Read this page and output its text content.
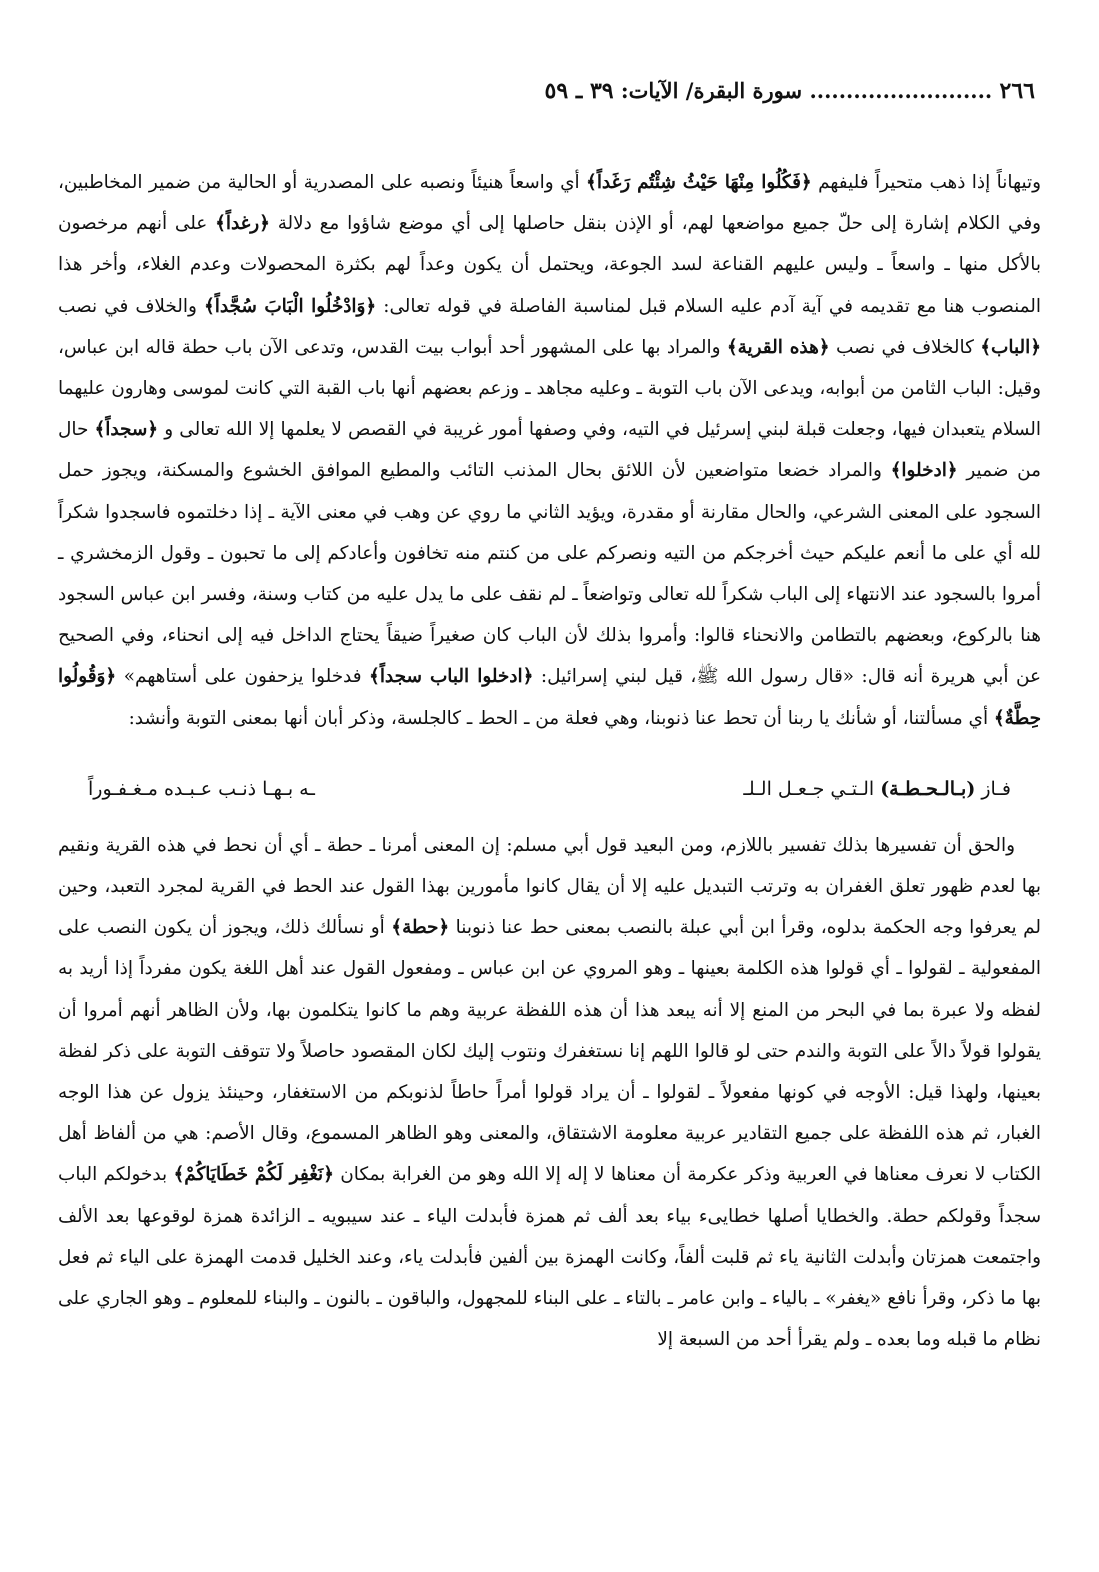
٢٦٦ ......................... سورة البقرة/ الآيات: ٣٩ ـ ٥٩

وتيهاناً إذا ذهب متحيراً فليفهم ﴿فَكُلُوا مِنْهَا حَيْثُ شِئْتُم رَغَداً﴾ أي واسعاً هنيئاً ونصبه على المصدرية أو الحالية من ضمير المخاطبين، وفي الكلام إشارة إلى حلّ جميع مواضعها لهم، أو الإذن بنقل حاصلها إلى أي موضع شاؤوا مع دلالة ﴿رغداً﴾ على أنهم مرخصون بالأكل منها ـ واسعاً ـ وليس عليهم القناعة لسد الجوعة، ويحتمل أن يكون وعداً لهم بكثرة المحصولات وعدم الغلاء، وأخر هذا المنصوب هنا مع تقديمه في آية آدم عليه السلام قبل لمناسبة الفاصلة في قوله تعالى: ﴿وَادْخُلُوا الْبَابَ سُجَّداً﴾ والخلاف في نصب ﴿الباب﴾ كالخلاف في نصب ﴿هذه القرية﴾ والمراد بها على المشهور أحد أبواب بيت القدس، وتدعى الآن باب حطة قاله ابن عباس، وقيل: الباب الثامن من أبوابه، ويدعى الآن باب التوبة ـ وعليه مجاهد ـ وزعم بعضهم أنها باب القبة التي كانت لموسى وهارون عليهما السلام يتعبدان فيها، وجعلت قبلة لبني إسرئيل في التيه، وفي وصفها أمور غريبة في القصص لا يعلمها إلا الله تعالى و ﴿سجداً﴾ حال من ضمير ﴿ادخلوا﴾ والمراد خضعا متواضعين لأن اللائق بحال المذنب التائب والمطيع الموافق الخشوع والمسكنة، ويجوز حمل السجود على المعنى الشرعي، والحال مقارنة أو مقدرة، ويؤيد الثاني ما روي عن وهب في معنى الآية ـ إذا دخلتموه فاسجدوا شكراً لله أي على ما أنعم عليكم حيث أخرجكم من التيه ونصركم على من كنتم منه تخافون وأعادكم إلى ما تحبون ـ وقول الزمخشري ـ أمروا بالسجود عند الانتهاء إلى الباب شكراً لله تعالى وتواضعاً ـ لم نقف على ما يدل عليه من كتاب وسنة، وفسر ابن عباس السجود هنا بالركوع، وبعضهم بالتطامن والانحناء قالوا: وأمروا بذلك لأن الباب كان صغيراً ضيقاً يحتاج الداخل فيه إلى انحناء، وفي الصحيح عن أبي هريرة أنه قال: «قال رسول الله ﷺ، قيل لبني إسرائيل: ﴿ادخلوا الباب سجداً﴾ فدخلوا يزحفون على أستاههم» ﴿وَقُولُوا حِطَّةٌ﴾ أي مسألتنا، أو شأنك يا ربنا أن تحط عنا ذنوبنا، وهي فعلة من ـ الحط ـ كالجلسة، وذكر أبان أنها بمعنى التوبة وأنشد:

فـاز (بـالـحـطـة) الـتـي جـعـل الـلـ
ـه بـهـا ذنـب عـبـده مـغـفـوراً

والحق أن تفسيرها بذلك تفسير باللازم، ومن البعيد قول أبي مسلم: إن المعنى أمرنا ـ حطة ـ أي أن نحط في هذه القرية ونقيم بها لعدم ظهور تعلق الغفران به وترتب التبديل عليه إلا أن يقال كانوا مأمورين بهذا القول عند الحط في القرية لمجرد التعبد، وحين لم يعرفوا وجه الحكمة بدلوه، وقرأ ابن أبي عبلة بالنصب بمعنى حط عنا ذنوبنا ﴿حطة﴾ أو نسألك ذلك، ويجوز أن يكون النصب على المفعولية ـ لقولوا ـ أي قولوا هذه الكلمة بعينها ـ وهو المروي عن ابن عباس ـ ومفعول القول عند أهل اللغة يكون مفرداً إذا أريد به لفظه ولا عبرة بما في البحر من المنع إلا أنه يبعد هذا أن هذه اللفظة عربية وهم ما كانوا يتكلمون بها، ولأن الظاهر أنهم أمروا أن يقولوا قولاً دالاً على التوبة والندم حتى لو قالوا اللهم إنا نستغفرك ونتوب إليك لكان المقصود حاصلاً ولا تتوقف التوبة على ذكر لفظة بعينها، ولهذا قيل: الأوجه في كونها مفعولاً ـ لقولوا ـ أن يراد قولوا أمراً حاطاً لذنوبكم من الاستغفار، وحينئذ يزول عن هذا الوجه الغبار، ثم هذه اللفظة على جميع التقادير عربية معلومة الاشتقاق، والمعنى وهو الظاهر المسموع، وقال الأصم: هي من ألفاظ أهل الكتاب لا نعرف معناها في العربية وذكر عكرمة أن معناها لا إله إلا الله وهو من الغرابة بمكان ﴿نَغْفِر لَكُمْ خَطَايَاكُمْ﴾ بدخولكم الباب سجداً وقولكم حطة. والخطايا أصلها خطايىء بياء بعد ألف ثم همزة فأبدلت الياء ـ عند سيبويه ـ الزائدة همزة لوقوعها بعد الألف واجتمعت همزتان وأبدلت الثانية ياء ثم قلبت ألفاً، وكانت الهمزة بين ألفين فأبدلت ياء، وعند الخليل قدمت الهمزة على الياء ثم فعل بها ما ذكر، وقرأ نافع «يغفر» ـ بالياء ـ وابن عامر ـ بالتاء ـ على البناء للمجهول، والباقون ـ بالنون ـ والبناء للمعلوم ـ وهو الجاري على نظام ما قبله وما بعده ـ ولم يقرأ أحد من السبعة إلا
